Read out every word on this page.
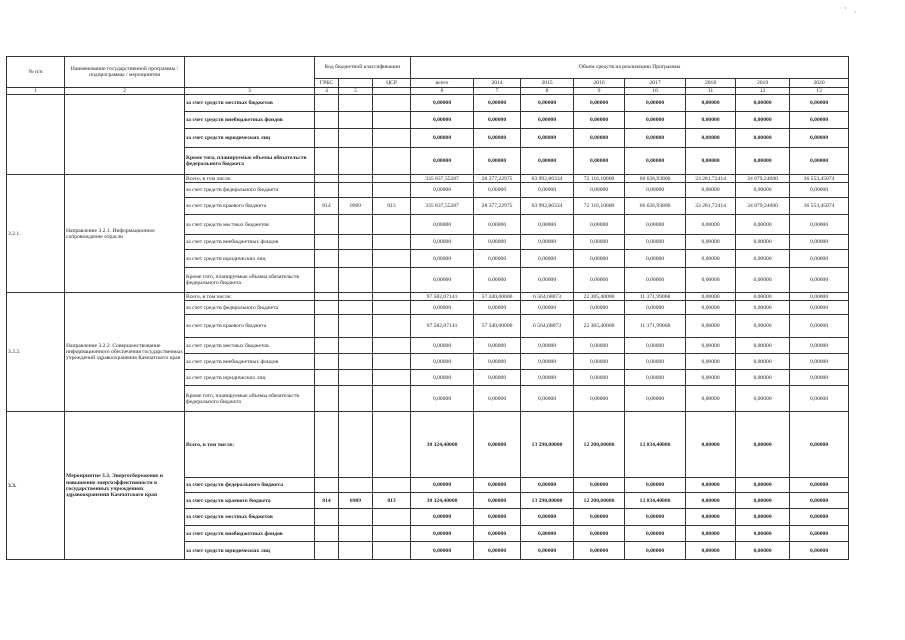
· ·
№ п/п	Наименование государственной программы / подпрограммы / мероприятия		Код бюджетной классификации			Объем средств на реализацию Программы							
			ГРБС		ЦСР	всего	2014	2015	2016	2017	2018	2019	2020
1	2	3	4	5		6	7	8	9	10	11	12	13
		за счет средств местных бюджетов				0,00000	0,00000	0,00000	0,00000	0,00000	0,00000	0,00000	0,00000
		за счет средств внебюджетных фондов				0,00000	0,00000	0,00000	0,00000	0,00000	0,00000	0,00000	0,00000
		за счет средств юридических лиц				0,00000	0,00000	0,00000	0,00000	0,00000	0,00000	0,00000	0,00000
		Кроме того, планируемые объемы обязательств федерального бюджета				0,00000	0,00000	0,00000	0,00000	0,00000	0,00000	0,00000	0,00000
3.2.1.	Направление 3.2.1. Информационное сопровождение отрасли	Всего, в том числе:				335 837,55287	28 377,22975	63 992,86334	72 116,10000	66 636,93800	33 281,72414	34 879,24600	36 553,45074
		за счет средств федерального бюджета				0,00000	0,00000	0,00000	0,00000	0,00000	0,00000	0,00000	0,00000
		за счет средств краевого бюджета	814	0909	013	335 837,55287	28 377,22975	63 992,86334	72 116,10000	66 636,93800	33 281,72414	34 879,24600	36 553,45074
		за счет средств местных бюджетов				0,00000	0,00000	0,00000	0,00000	0,00000	0,00000	0,00000	0,00000
		за счет средств внебюджетных фондов				0,00000	0,00000	0,00000	0,00000	0,00000	0,00000	0,00000	0,00000
		за счет средств юридических лиц				0,00000	0,00000	0,00000	0,00000	0,00000	0,00000	0,00000	0,00000
		Кроме того, планируемые объемы обязательств федерального бюджета				0,00000	0,00000	0,00000	0,00000	0,00000	0,00000	0,00000	0,00000
3.2.2.	Направление 3.2.2. Совершенствование информационного обеспечения государственных учреждений здравоохранения Камчатского края	Всего, в том числе:				97 582,07141	57 340,00000	6 564,68073	22 305,40000	11 371,99068	0,00000	0,00000	0,00000
		за счет средств федерального бюджета				0,00000	0,00000	0,00000	0,00000	0,00000	0,00000	0,00000	0,00000
		за счет средств краевого бюджета				97 582,07141	57 340,00000	6 564,68073	22 305,40000	11 371,99068	0,00000	0,00000	0,00000
		за счет средств местных бюджетов				0,00000	0,00000	0,00000	0,00000	0,00000	0,00000	0,00000	0,00000
		за счет средств внебюджетных фондов				0,00000	0,00000	0,00000	0,00000	0,00000	0,00000	0,00000	0,00000
		за счет средств юридических лиц				0,00000	0,00000	0,00000	0,00000	0,00000	0,00000	0,00000	0,00000
		Кроме того, планируемые объемы обязательств федерального бюджета				0,00000	0,00000	0,00000	0,00000	0,00000	0,00000	0,00000	0,00000
3.3.	Мероприятие 3.3. Энергосбережение и повышение энергоэффективности в государственных учреждениях здравоохранения Камчатского края	Всего, в том числе:				38 324,40000	0,00000	13 290,00000	12 200,00000	12 834,40000	0,00000	0,00000	0,00000
		за счет средств федерального бюджета				0,00000	0,00000	0,00000	0,00000	0,00000	0,00000	0,00000	0,00000
		за счет средств краевого бюджета	814	0909	013	38 324,40000	0,00000	13 290,00000	12 200,00000	12 834,40000	0,00000	0,00000	0,00000
		за счет средств местных бюджетов				0,00000	0,00000	0,00000	0,00000	0,00000	0,00000	0,00000	0,00000
		за счет средств внебюджетных фондов				0,00000	0,00000	0,00000	0,00000	0,00000	0,00000	0,00000	0,00000
		за счет средств юридических лиц				0,00000	0,00000	0,00000	0,00000	0,00000	0,00000	0,00000	0,00000
